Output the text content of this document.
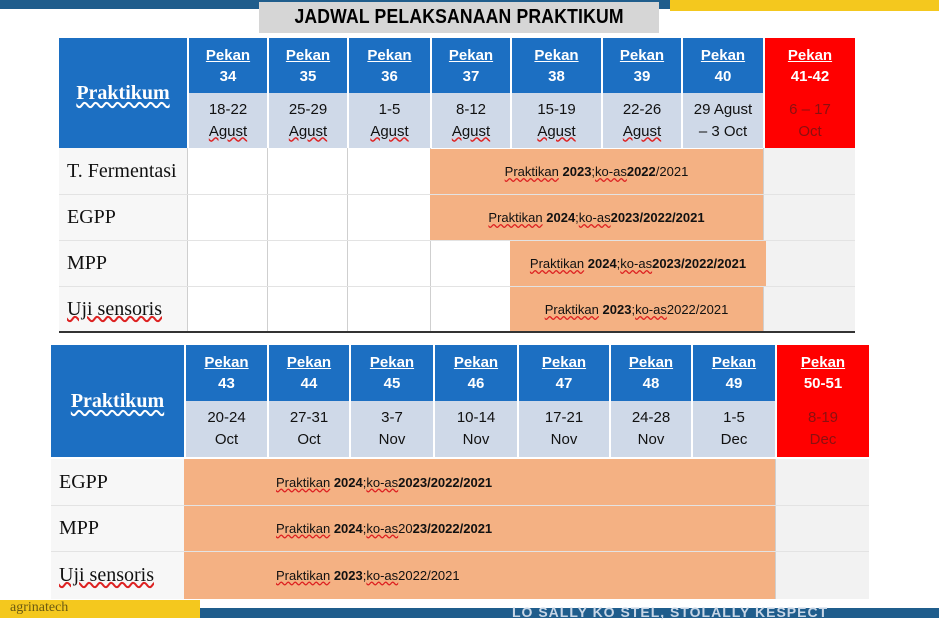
JADWAL PELAKSANAAN PRAKTIKUM
Praktikum
Pekan
34
Pekan
35
Pekan
36
Pekan
37
Pekan
38
Pekan
39
Pekan
40
Pekan
41-42
18-22
Agust
25-29
Agust
1-5
Agust
8-12
Agust
15-19
Agust
22-26
Agust
29 Agust
– 3 Oct
6 – 17
Oct
T. Fermentasi
EGPP
MPP
Uji sensoris
Praktikan
2023 ; ko-as 2022 /2021
Praktikan
2024 ; ko-as 2023/2022/2021
Praktikan
2024 ; ko-as 2023/2022/2021
Praktikan
2023 ; ko-as 2022/2021
Praktikum
Pekan
43
Pekan
44
Pekan
45
Pekan
46
Pekan
47
Pekan
48
Pekan
49
Pekan
50-51
20-24
Oct
27-31
Oct
3-7
Nov
10-14
Nov
17-21
Nov
24-28
Nov
1-5
Dec
8-19
Dec
EGPP
MPP
Uji sensoris
Praktikan
2024 ; ko-as 2023/2022/2021
Praktikan
2024 ; ko-as 20 23/2022/2021
Praktikan
2023 ; ko-as 2022/2021
agrinatech	LO SALLY KO STEL, STOLALLY KESPECT
